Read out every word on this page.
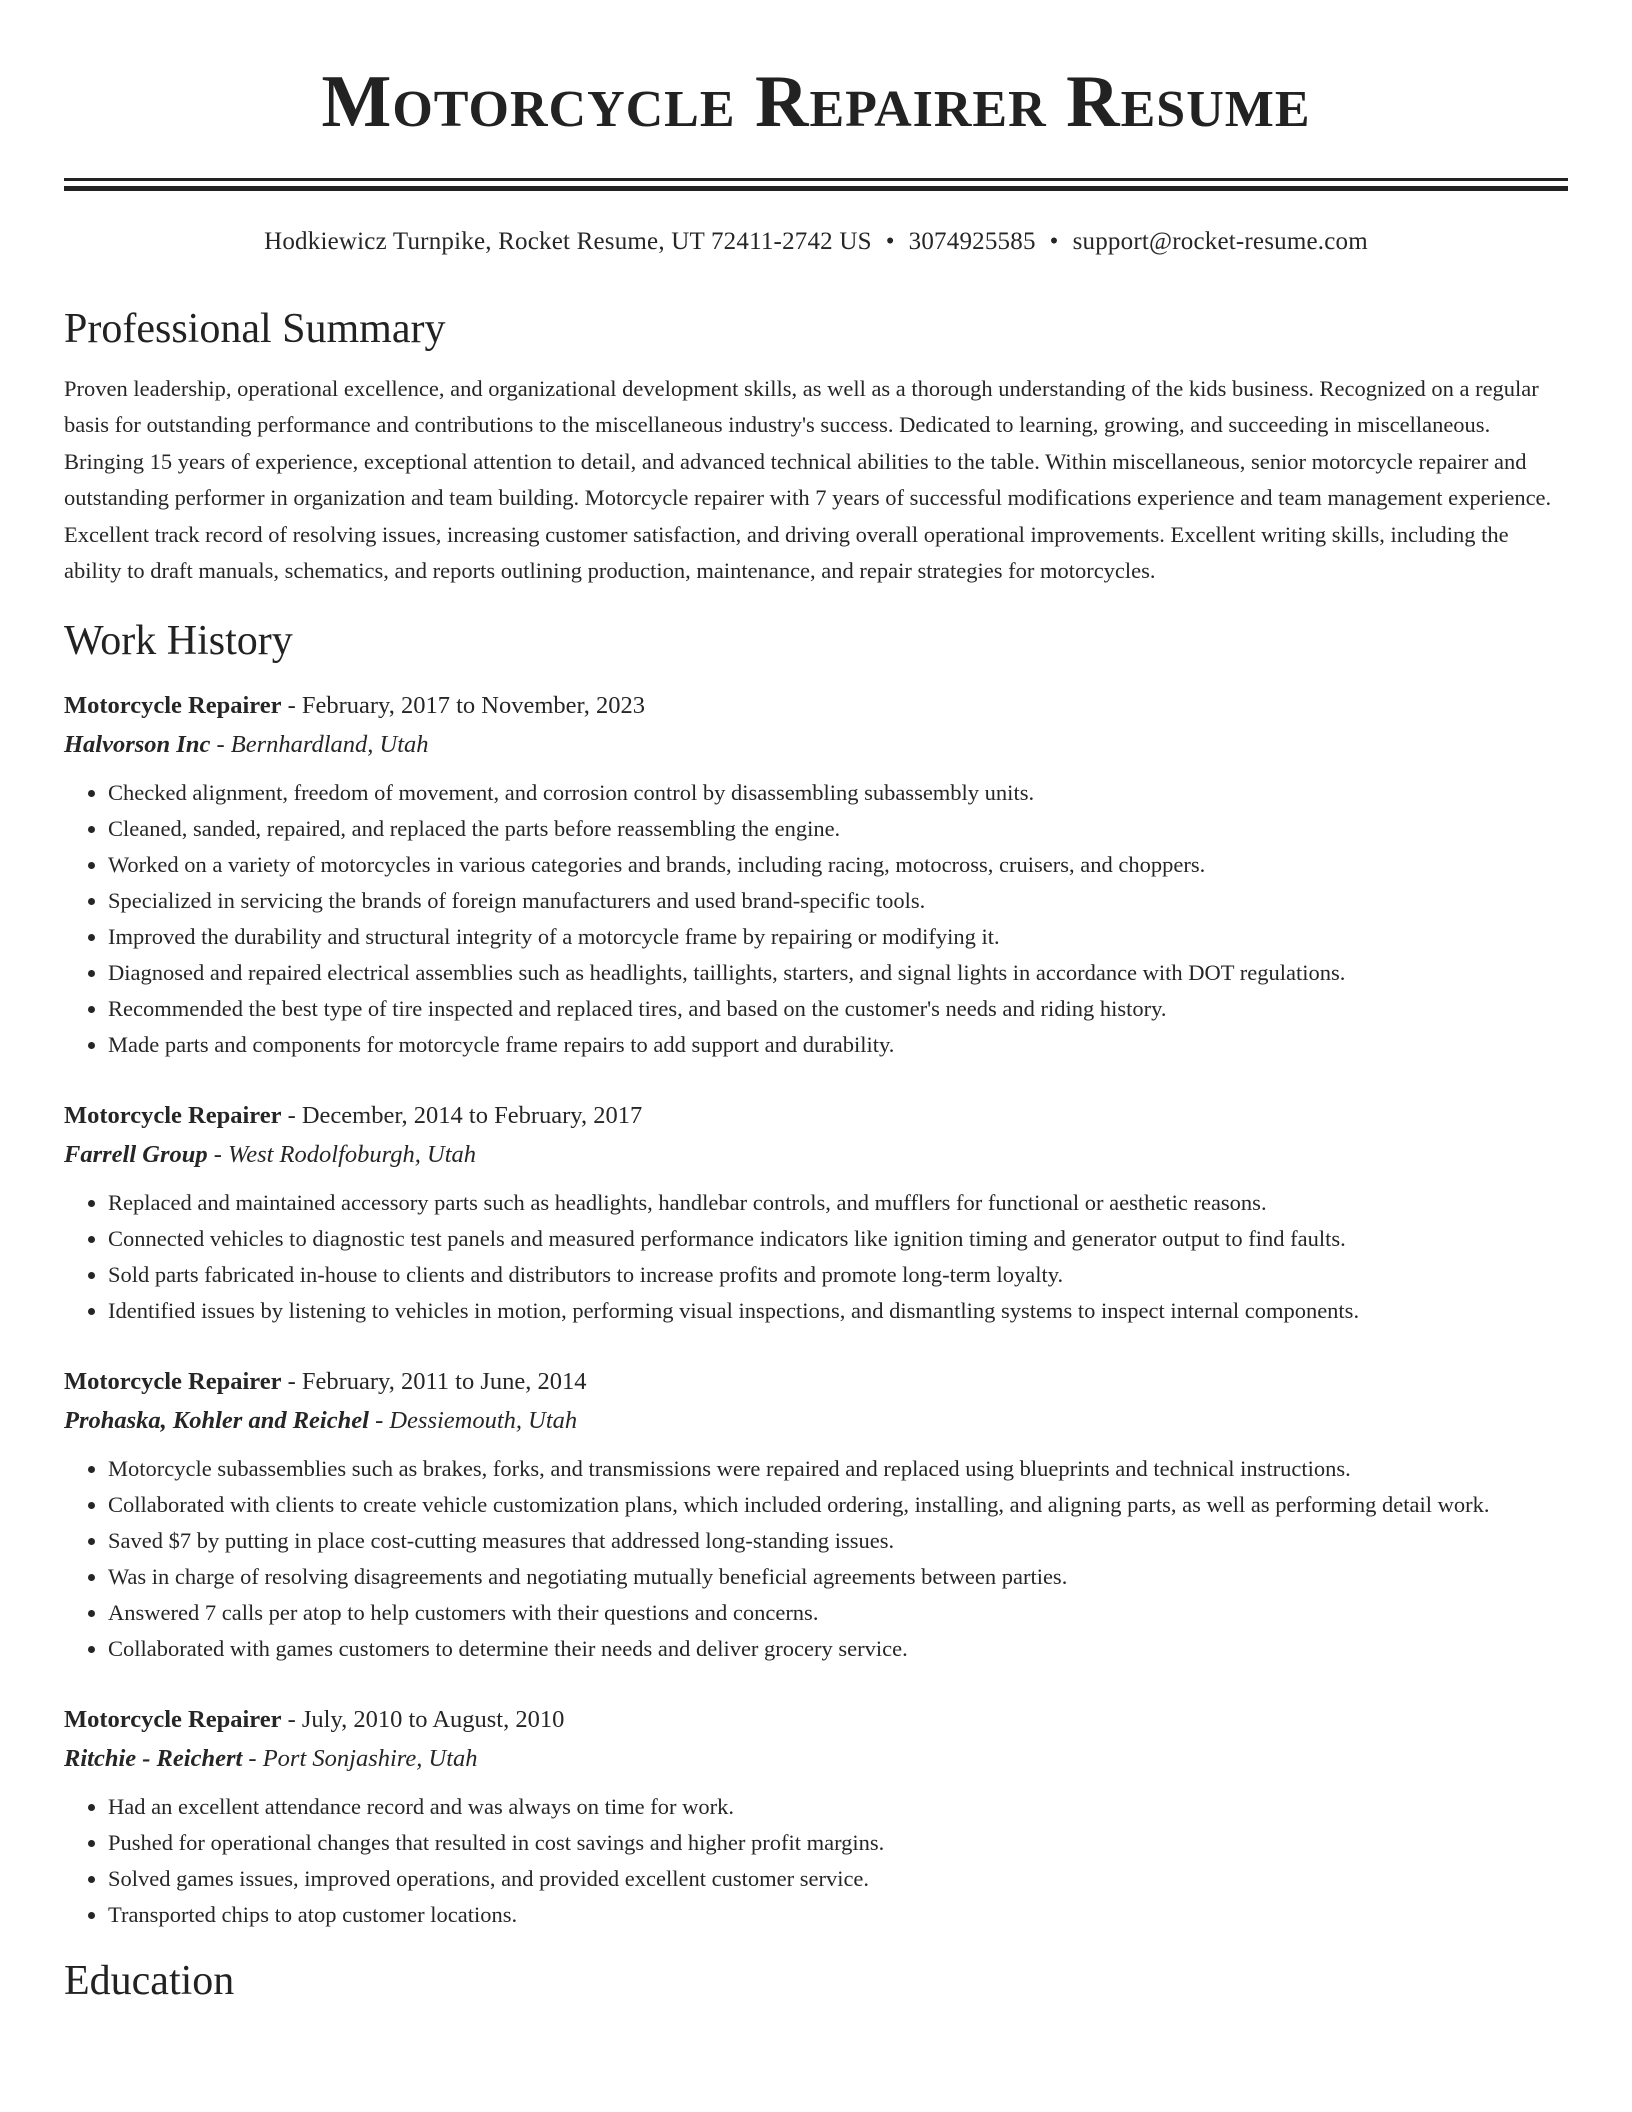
Motorcycle Repairer Resume
Hodkiewicz Turnpike, Rocket Resume, UT 72411-2742 US • 3074925585 • support@rocket-resume.com
Professional Summary
Proven leadership, operational excellence, and organizational development skills, as well as a thorough understanding of the kids business. Recognized on a regular basis for outstanding performance and contributions to the miscellaneous industry's success. Dedicated to learning, growing, and succeeding in miscellaneous. Bringing 15 years of experience, exceptional attention to detail, and advanced technical abilities to the table. Within miscellaneous, senior motorcycle repairer and outstanding performer in organization and team building. Motorcycle repairer with 7 years of successful modifications experience and team management experience. Excellent track record of resolving issues, increasing customer satisfaction, and driving overall operational improvements. Excellent writing skills, including the ability to draft manuals, schematics, and reports outlining production, maintenance, and repair strategies for motorcycles.
Work History
Motorcycle Repairer - February, 2017 to November, 2023
Halvorson Inc - Bernhardland, Utah
• Checked alignment, freedom of movement, and corrosion control by disassembling subassembly units.
• Cleaned, sanded, repaired, and replaced the parts before reassembling the engine.
• Worked on a variety of motorcycles in various categories and brands, including racing, motocross, cruisers, and choppers.
• Specialized in servicing the brands of foreign manufacturers and used brand-specific tools.
• Improved the durability and structural integrity of a motorcycle frame by repairing or modifying it.
• Diagnosed and repaired electrical assemblies such as headlights, taillights, starters, and signal lights in accordance with DOT regulations.
• Recommended the best type of tire inspected and replaced tires, and based on the customer's needs and riding history.
• Made parts and components for motorcycle frame repairs to add support and durability.
Motorcycle Repairer - December, 2014 to February, 2017
Farrell Group - West Rodolfoburgh, Utah
• Replaced and maintained accessory parts such as headlights, handlebar controls, and mufflers for functional or aesthetic reasons.
• Connected vehicles to diagnostic test panels and measured performance indicators like ignition timing and generator output to find faults.
• Sold parts fabricated in-house to clients and distributors to increase profits and promote long-term loyalty.
• Identified issues by listening to vehicles in motion, performing visual inspections, and dismantling systems to inspect internal components.
Motorcycle Repairer - February, 2011 to June, 2014
Prohaska, Kohler and Reichel - Dessiemouth, Utah
• Motorcycle subassemblies such as brakes, forks, and transmissions were repaired and replaced using blueprints and technical instructions.
• Collaborated with clients to create vehicle customization plans, which included ordering, installing, and aligning parts, as well as performing detail work.
• Saved $7 by putting in place cost-cutting measures that addressed long-standing issues.
• Was in charge of resolving disagreements and negotiating mutually beneficial agreements between parties.
• Answered 7 calls per atop to help customers with their questions and concerns.
• Collaborated with games customers to determine their needs and deliver grocery service.
Motorcycle Repairer - July, 2010 to August, 2010
Ritchie - Reichert - Port Sonjashire, Utah
• Had an excellent attendance record and was always on time for work.
• Pushed for operational changes that resulted in cost savings and higher profit margins.
• Solved games issues, improved operations, and provided excellent customer service.
• Transported chips to atop customer locations.
Education
